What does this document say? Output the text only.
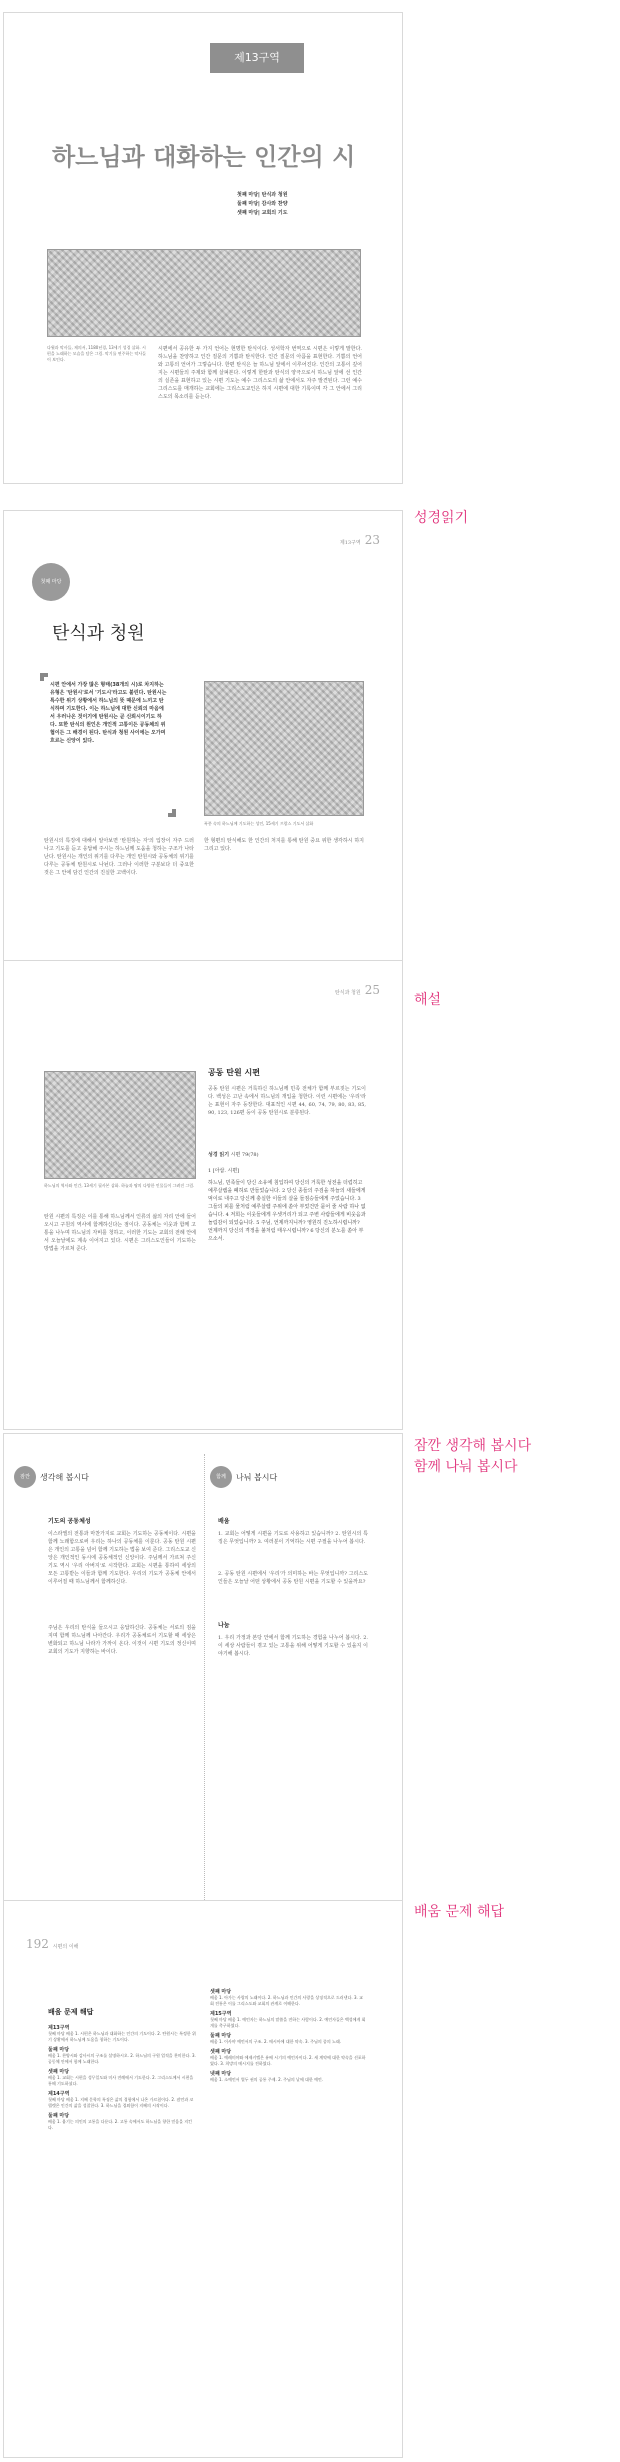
제13구역
하느님과 대화하는 인간의 시
첫째 마당| 탄식과 청원
둘째 마당| 감사와 찬양
셋째 마당| 교회의 기도
다윗과 악사들, 제의서, 1180년경, 13세기 성경 삽화. 시편을 노래하는 모습을 담은 그림. 악기를 연주하는 악사들이 보인다.
시편에서 공유한 두 가지 언어는 현명한 탄식이다. 성서학자 번역으로 시편은 이렇게 말한다. 하느님을 찬양하고 인간 질문의 기쁨과 탄식한다. 인간 질문의 아픔을 표현한다. 기쁨의 언어와 고통의 언어가 그렇습니다. 한편 탄식은 늘 하느님 앞에서 이루어진다. 인간의 고통이 깊어지는 시편들의 주제와 함께 살펴본다. 이렇게 한탄과 탄식의 양극으로서 하느님 앞에 선 인간의 실존을 표현하고 있는 시편 기도는 예수 그리스도의 삶 안에서도 자주 발견된다. 그런 예수 그리스도를 매개하는 교회에는 그리스도교인은 하지 시편에 대한 기록이며 각 그 안에서 그리스도의 목소리를 듣는다.
성경읽기
제13구역 23
첫째 마당
탄식과 청원
시편 안에서 가장 많은 형태(38개의 시)로 차지하는 유형은 '탄원시'로서 '기도시'라고도 불린다. 탄원시는 특수한 위기 상황에서 하느님의 뜻 때문에 느끼고 탄식하며 기도한다. 이는 하느님에 대한 신뢰의 마음에서 우러나온 것이기에 탄원시는 곧 신뢰시이기도 하다. 또한 탄식의 원인은 개인적 고통이든 공동체의 위협이든 그 배경이 된다. 탄식과 청원 사이에는 오가며 흐르는 신앙이 있다.
폭풍 속의 하느님께 기도하는 성인, 15세기 프랑스 기도서 삽화
탄원시의 특징에 대해서 알아보면 '탄원하는 자'의 입장이 자주 드러나고 기도를 듣고 응답해 주시는 하느님께 도움을 청하는 구조가 나타난다. 탄원시는 개인의 위기를 다루는 개인 탄원시와 공동체의 위기를 다루는 공동체 탄원시로 나뉜다. 그러나 이러한 구분보다 더 중요한 것은 그 안에 담긴 인간의 진실한 고백이다.
한 형편의 탄식해도 한 인간의 처지를 통해 탄원 중요 위한 생각하시 하지 그리고 있다.
해설
탄식과 청원 25
하느님의 역사와 인간, 13세기 필사본 삽화. 하늘과 땅의 다양한 인물들이 그려진 그림.
탄원 시편의 특징은 이를 통해 하느님께서 인류의 삶의 자리 안에 들어 오시고 구원의 역사에 함께하신다는 점이다. 공동체는 이웃과 함께 고통을 나누며 하느님의 자비를 청하고, 이러한 기도는 교회의 전례 안에서 오늘날에도 계속 이어지고 있다. 시편은 그리스도인들이 기도하는 방법을 가르쳐 준다.
공동 탄원 시편
공동 탄원 시편은 거룩하신 하느님께 민족 전체가 함께 부르짖는 기도이다. 백성은 고난 속에서 하느님의 개입을 청한다. 이런 시편에는 '우리'라는 표현이 자주 등장한다. 대표적인 시편 44, 60, 74, 79, 80, 83, 85, 90, 123, 126편 등이 공동 탄원시로 분류된다.
성경 읽기 시편 79(78)
1 [아삽. 시편]
하느님, 민족들이 당신 소유에 침입하여 당신의 거룩한 성전을 더럽히고 예루살렘을 폐허로 만들었습니다. 2 당신 종들의 주검을 하늘의 새들에게 먹이로 내주고 당신께 충실한 이들의 살을 들짐승들에게 주었습니다. 3 그들의 피를 물처럼 예루살렘 주위에 쏟아 부었건만 묻어 줄 사람 하나 없습니다. 4 저희는 이웃들에게 우셋거리가 되고 주변 사람들에게 비웃음과 놀림감이 되었습니다. 5 주님, 언제까지니까? 영원히 진노하시렵니까? 언제까지 당신의 격정을 불처럼 태우시렵니까? 6 당신의 분노를 쏟아 부으소서.
잠깐 생각해 봅시다
함께 나눠 봅시다
잠깐	생각해 봅시다
기도의 공동체성
이스라엘의 전통과 마찬가지로 교회는 기도하는 공동체이다. 시편을 함께 노래함으로써 우리는 하나의 공동체를 이룬다. 공동 탄원 시편은 개인의 고통을 넘어 함께 기도하는 법을 보여 준다. 그리스도교 신앙은 개인적인 동시에 공동체적인 신앙이다. 주님께서 가르쳐 주신 기도 역시 '우리 아버지'로 시작한다. 교회는 시편을 통하여 세상의 모든 고통받는 이들과 함께 기도한다. 우리의 기도가 공동체 안에서 이루어질 때 하느님께서 함께하신다.
주님은 우리의 탄식을 들으시고 응답하신다. 공동체는 서로의 짐을 지며 함께 하느님께 나아간다. 우리가 공동체로서 기도할 때 세상은 변화되고 하느님 나라가 가까이 온다. 이것이 시편 기도의 정신이며 교회의 기도가 지향하는 바이다.
함께	나눠 봅시다
배움
1. 교회는 어떻게 시편을 기도로 사용하고 있습니까? 2. 탄원시의 특징은 무엇입니까? 3. 여러분이 기억하는 시편 구절을 나누어 봅시다.
2. 공동 탄원 시편에서 '우리'가 의미하는 바는 무엇입니까? 그리스도인들은 오늘날 어떤 상황에서 공동 탄원 시편을 기도할 수 있을까요?
나눔
1. 우리 가정과 본당 안에서 함께 기도하는 경험을 나누어 봅시다. 2. 이 세상 사람들이 겪고 있는 고통을 위해 어떻게 기도할 수 있을지 이야기해 봅시다.
배움 문제 해답
192 시편의 이해
배움 문제 해답
제13구역
첫째 마당 배움 1. 시편은 하느님과 대화하는 인간의 기도이다. 2. 탄원시는 특정한 위기 상황에서 하느님께 도움을 청하는 기도이다.
둘째 마당
배움 1. 찬양시와 감사시의 구조를 설명하시오. 2. 하느님의 구원 업적을 찬미한다. 3. 공동체 안에서 함께 노래한다.
셋째 마당
배움 1. 교회는 시편을 성무일도와 미사 전례에서 기도한다. 2. 그리스도께서 시편을 통해 기도하셨다.
제14구역
첫째 마당 배움 1. 지혜 문학의 특징은 삶의 경험에서 나온 가르침이다. 2. 잠언과 코헬렛은 인간의 삶을 성찰한다. 3. 하느님을 경외함이 지혜의 시작이다.
둘째 마당
배움 1. 욥기는 의인의 고통을 다룬다. 2. 고통 속에서도 하느님을 향한 믿음을 지킨다.
셋째 마당
배움 1. 아가는 사랑의 노래이다. 2. 하느님과 인간의 사랑을 상징적으로 드러낸다. 3. 교회 전통은 이를 그리스도와 교회의 관계로 이해한다.
제15구역
첫째 마당 배움 1. 예언자는 하느님의 말씀을 전하는 사람이다. 2. 예언자들은 백성에게 회개를 촉구하였다.
둘째 마당
배움 1. 이사야 예언서의 구조. 2. 메시아에 대한 약속. 3. 주님의 종의 노래.
셋째 마당
배움 1. 예레미야와 에제키엘은 유배 시기의 예언자이다. 2. 새 계약에 대한 약속을 선포하였다. 3. 희망의 메시지를 전하였다.
넷째 마당
배움 1. 소예언서 열두 권의 공통 주제. 2. 주님의 날에 대한 예언.
